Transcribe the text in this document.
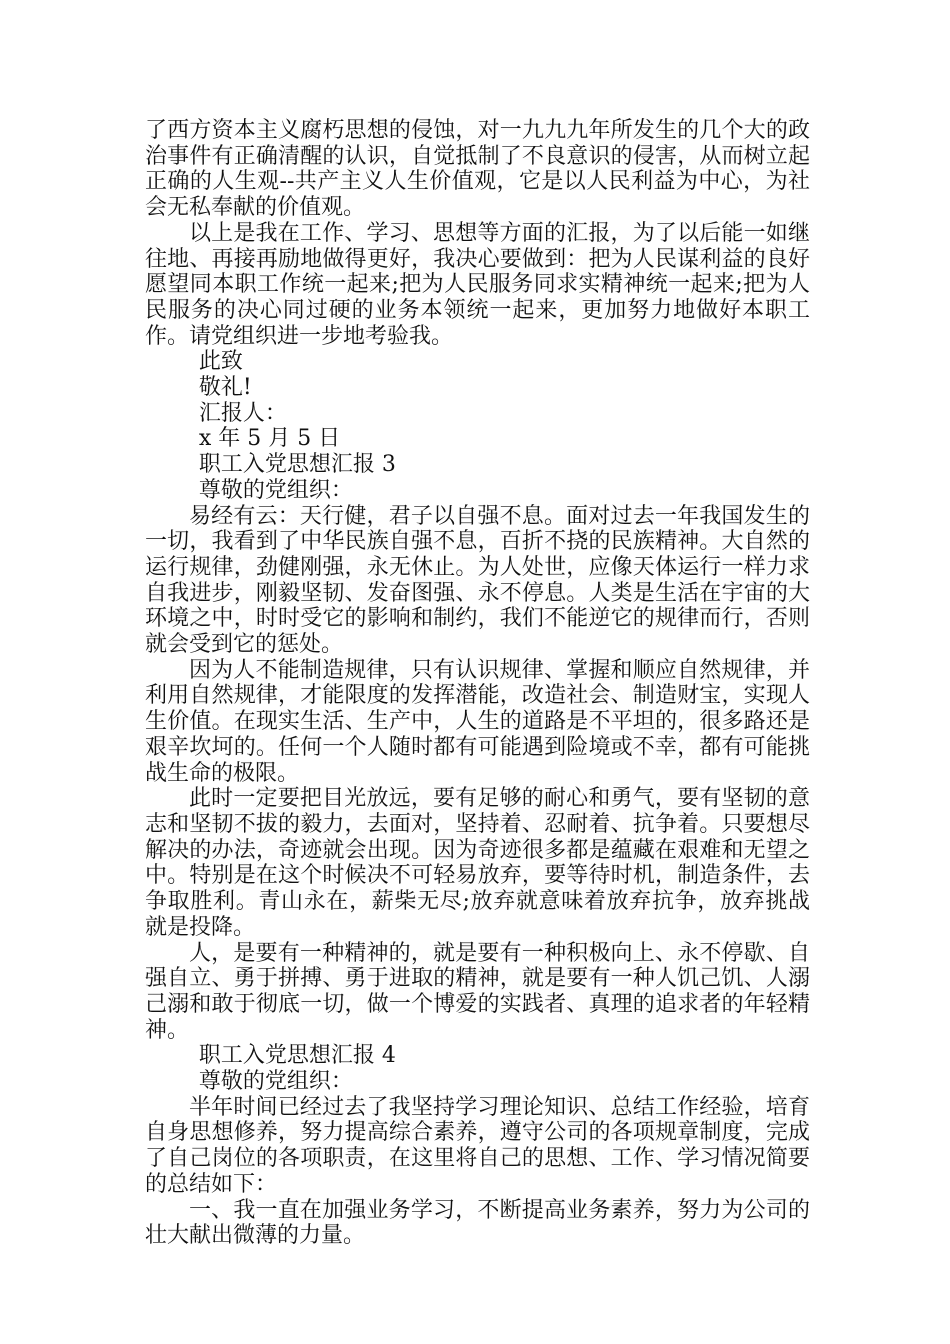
了西方资本主义腐朽思想的侵蚀，对一九九九年所发生的几个大的政治事件有正确清醒的认识，自觉抵制了不良意识的侵害，从而树立起正确的人生观--共产主义人生价值观，它是以人民利益为中心，为社会无私奉献的价值观。

以上是我在工作、学习、思想等方面的汇报，为了以后能一如继往地、再接再励地做得更好，我决心要做到：把为人民谋利益的良好愿望同本职工作统一起来;把为人民服务同求实精神统一起来;把为人民服务的决心同过硬的业务本领统一起来，更加努力地做好本职工作。请党组织进一步地考验我。

此致

敬礼!

汇报人：

x 年 5 月 5 日

职工入党思想汇报 3

尊敬的党组织：

易经有云：天行健，君子以自强不息。面对过去一年我国发生的一切，我看到了中华民族自强不息，百折不挠的民族精神。大自然的运行规律，劲健刚强，永无休止。为人处世，应像天体运行一样力求自我进步，刚毅坚韧、发奋图强、永不停息。人类是生活在宇宙的大环境之中，时时受它的影响和制约，我们不能逆它的规律而行，否则就会受到它的惩处。

因为人不能制造规律，只有认识规律、掌握和顺应自然规律，并利用自然规律，才能限度的发挥潜能，改造社会、制造财宝，实现人生价值。在现实生活、生产中，人生的道路是不平坦的，很多路还是艰辛坎坷的。任何一个人随时都有可能遇到险境或不幸，都有可能挑战生命的极限。

此时一定要把目光放远，要有足够的耐心和勇气，要有坚韧的意志和坚韧不拔的毅力，去面对，坚持着、忍耐着、抗争着。只要想尽解决的办法，奇迹就会出现。因为奇迹很多都是蕴藏在艰难和无望之中。特别是在这个时候决不可轻易放弃，要等待时机，制造条件，去争取胜利。青山永在，薪柴无尽;放弃就意味着放弃抗争，放弃挑战就是投降。

人，是要有一种精神的，就是要有一种积极向上、永不停歇、自强自立、勇于拼搏、勇于进取的精神，就是要有一种人饥己饥、人溺己溺和敢于彻底一切，做一个博爱的实践者、真理的追求者的年轻精神。

职工入党思想汇报 4

尊敬的党组织：

半年时间已经过去了我坚持学习理论知识、总结工作经验，培育自身思想修养，努力提高综合素养，遵守公司的各项规章制度，完成了自己岗位的各项职责，在这里将自己的思想、工作、学习情况简要的总结如下：

一、我一直在加强业务学习，不断提高业务素养，努力为公司的壮大献出微薄的力量。
